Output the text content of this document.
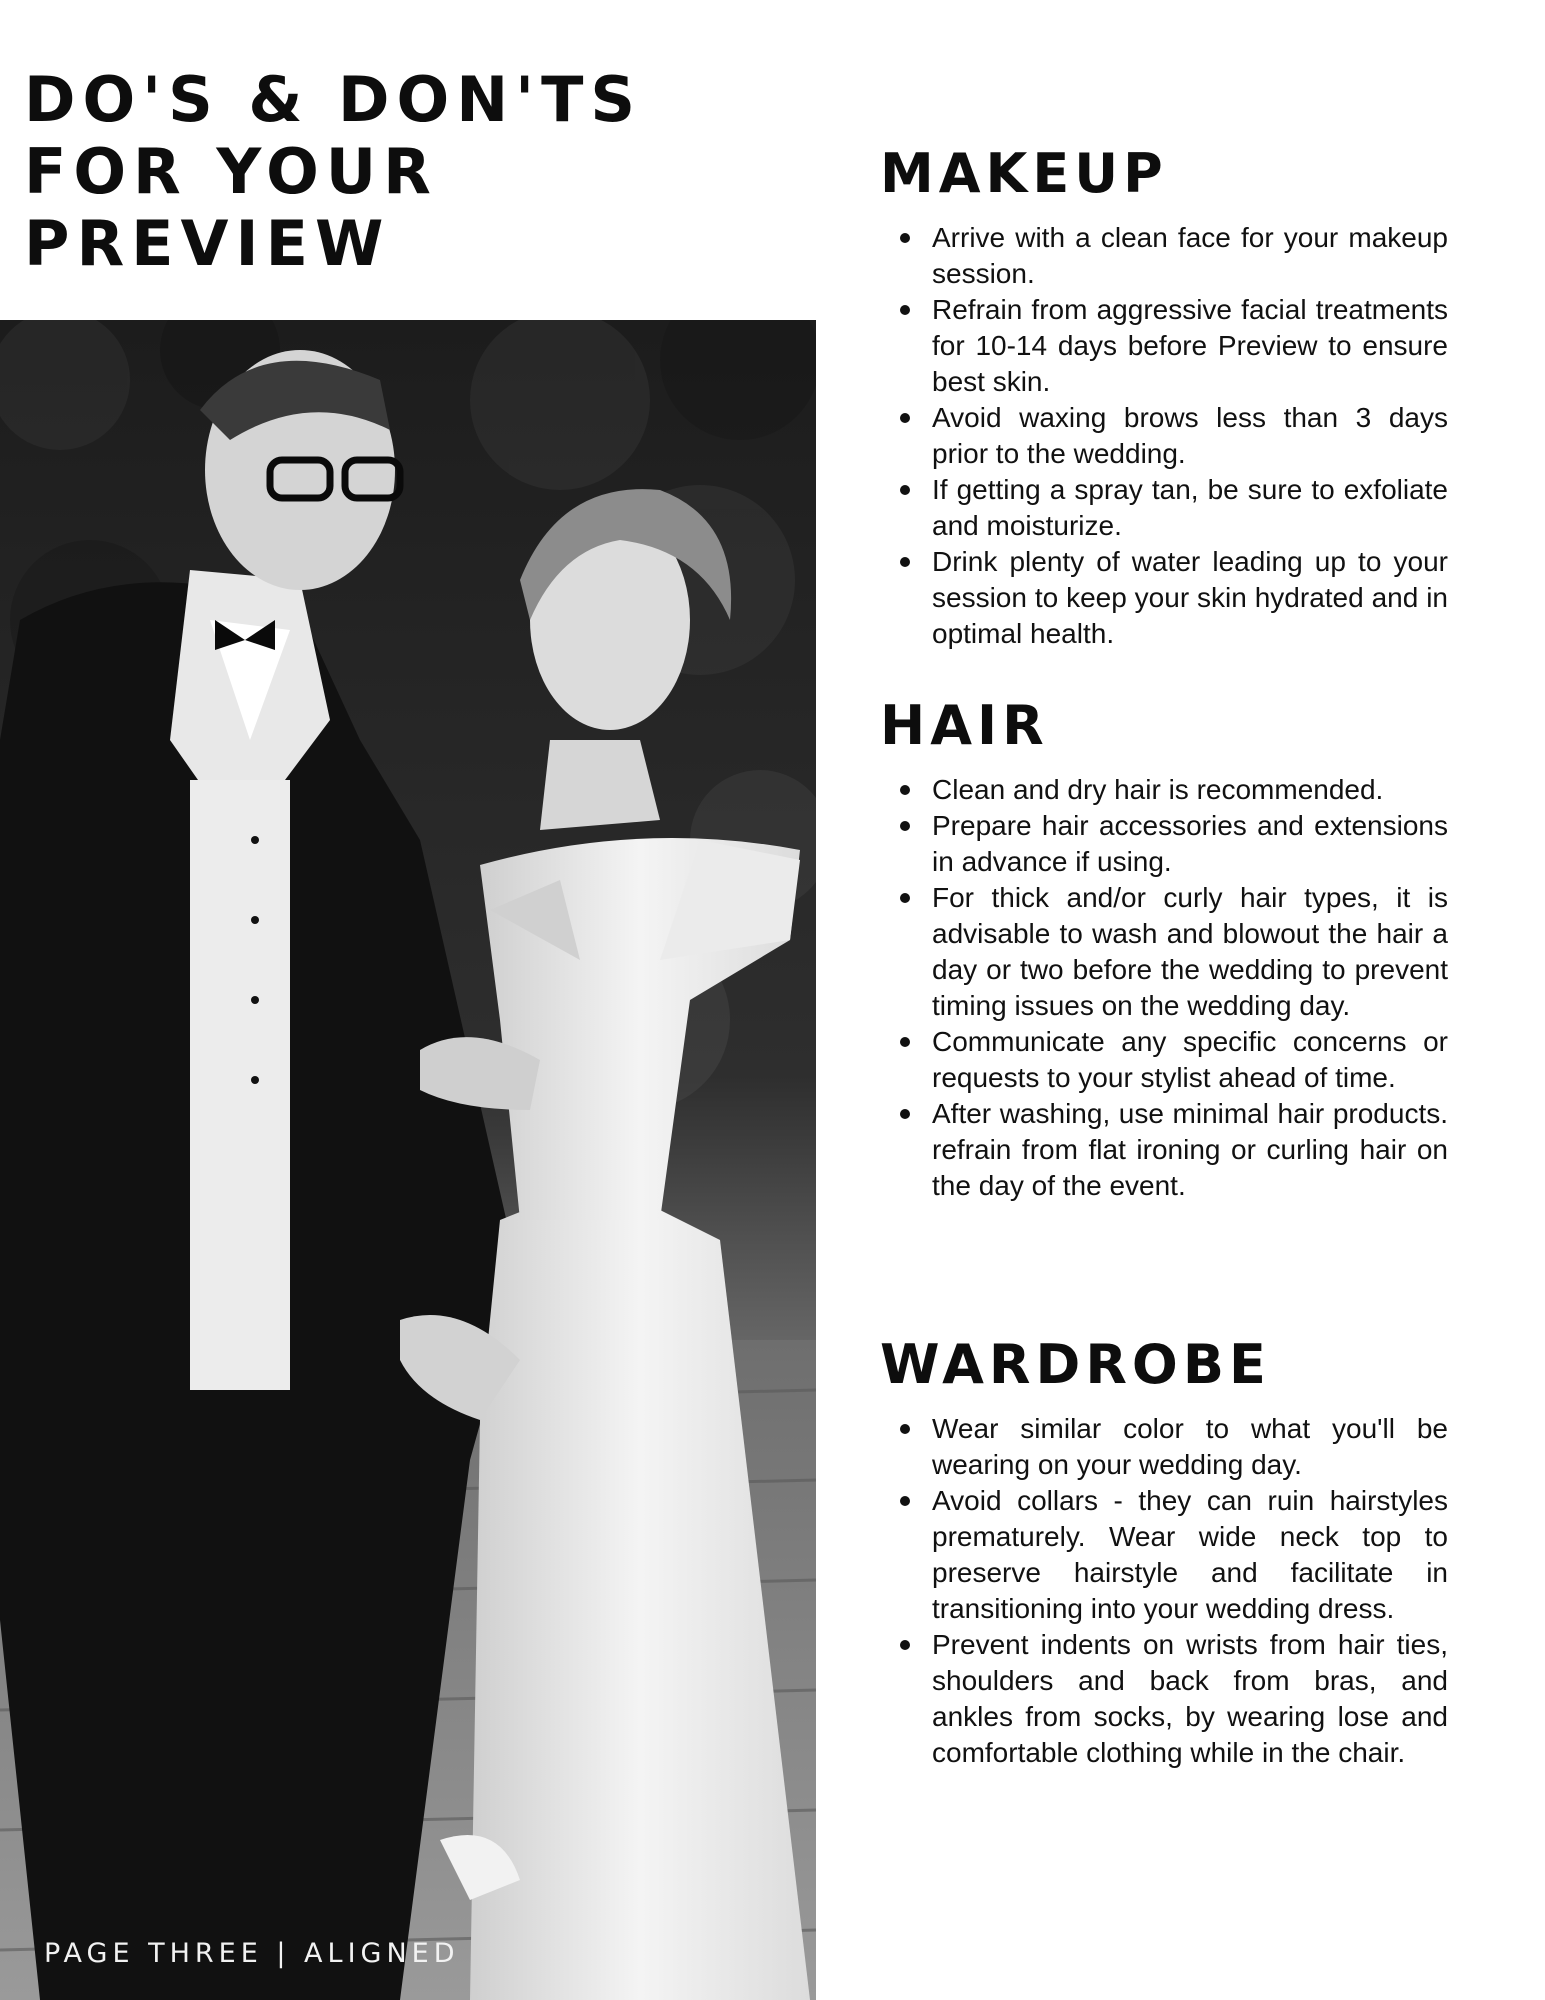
DO'S & DON'TS
FOR YOUR
PREVIEW
PAGE THREE | ALIGNED
MAKEUP
Arrive with a clean face for your makeup session.
Refrain from aggressive facial treatments for 10-14 days before Preview to ensure best skin.
Avoid waxing brows less than 3 days prior to the wedding.
If getting a spray tan, be sure to exfoliate and moisturize.
Drink plenty of water leading up to your session to keep your skin hydrated and in optimal health.
HAIR
Clean and dry hair is recommended.
Prepare hair accessories and extensions in advance if using.
For thick and/or curly hair types, it is advisable to wash and blowout the hair a day or two before the wedding to prevent timing issues on the wedding day.
Communicate any specific concerns or requests to your stylist ahead of time.
After washing, use minimal hair products. refrain from flat ironing or curling hair on the day of the event.
WARDROBE
Wear similar color to what you'll be wearing on your wedding day.
Avoid collars - they can ruin hairstyles prematurely. Wear wide neck top to preserve hairstyle and facilitate in transitioning into your wedding dress.
Prevent indents on wrists from hair ties, shoulders and back from bras, and ankles from socks, by wearing lose and comfortable clothing while in the chair.
